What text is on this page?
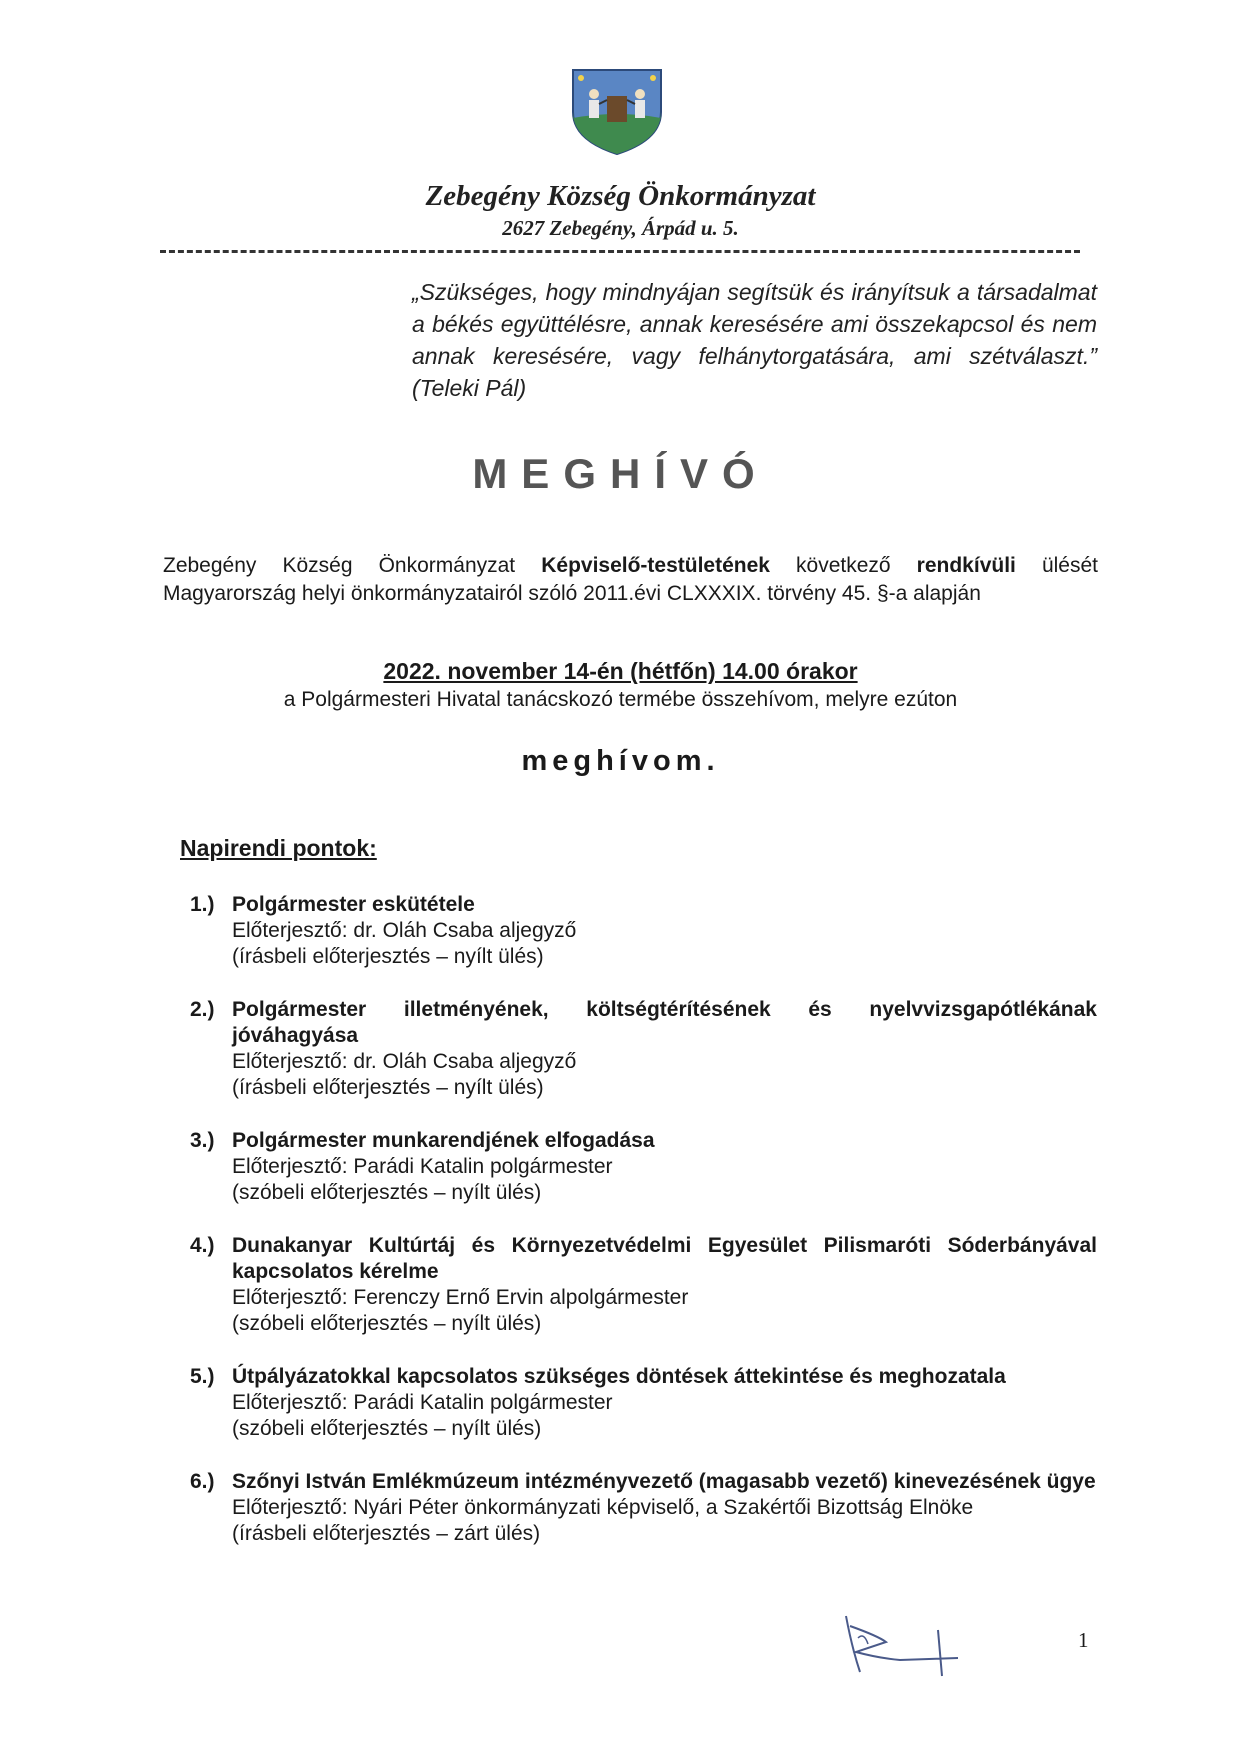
Zebegény Község Önkormányzat
2627 Zebegény, Árpád u. 5.
„Szükséges, hogy mindnyájan segítsük és irányítsuk a társadalmat a békés együttélésre, annak keresésére ami összekapcsol és nem annak keresésére, vagy felhánytorgatására, ami szétválaszt.” (Teleki Pál)
MEGHÍVÓ
Zebegény Község Önkormányzat Képviselő-testületének következő rendkívüli ülését Magyarország helyi önkormányzatairól szóló 2011.évi CLXXXIX. törvény 45. §-a alapján
2022. november 14-én (hétfőn) 14.00 órakor
a Polgármesteri Hivatal tanácskozó termébe összehívom, melyre ezúton
meghívom.
Napirendi pontok:
1.) Polgármester eskütétele
Előterjesztő: dr. Oláh Csaba aljegyző
(írásbeli előterjesztés – nyílt ülés)
2.) Polgármester illetményének, költségtérítésének és nyelvvizsgapótlékának jóváhagyása
Előterjesztő: dr. Oláh Csaba aljegyző
(írásbeli előterjesztés – nyílt ülés)
3.) Polgármester munkarendjének elfogadása
Előterjesztő: Parádi Katalin polgármester
(szóbeli előterjesztés – nyílt ülés)
4.) Dunakanyar Kultúrtáj és Környezetvédelmi Egyesület Pilismaróti Sóderbányával kapcsolatos kérelme
Előterjesztő: Ferenczy Ernő Ervin alpolgármester
(szóbeli előterjesztés – nyílt ülés)
5.) Útpályázatokkal kapcsolatos szükséges döntések áttekintése és meghozatala
Előterjesztő: Parádi Katalin polgármester
(szóbeli előterjesztés – nyílt ülés)
6.) Szőnyi István Emlékmúzeum intézményvezető (magasabb vezető) kinevezésének ügye
Előterjesztő: Nyári Péter önkormányzati képviselő, a Szakértői Bizottság Elnöke
(írásbeli előterjesztés – zárt ülés)
1
